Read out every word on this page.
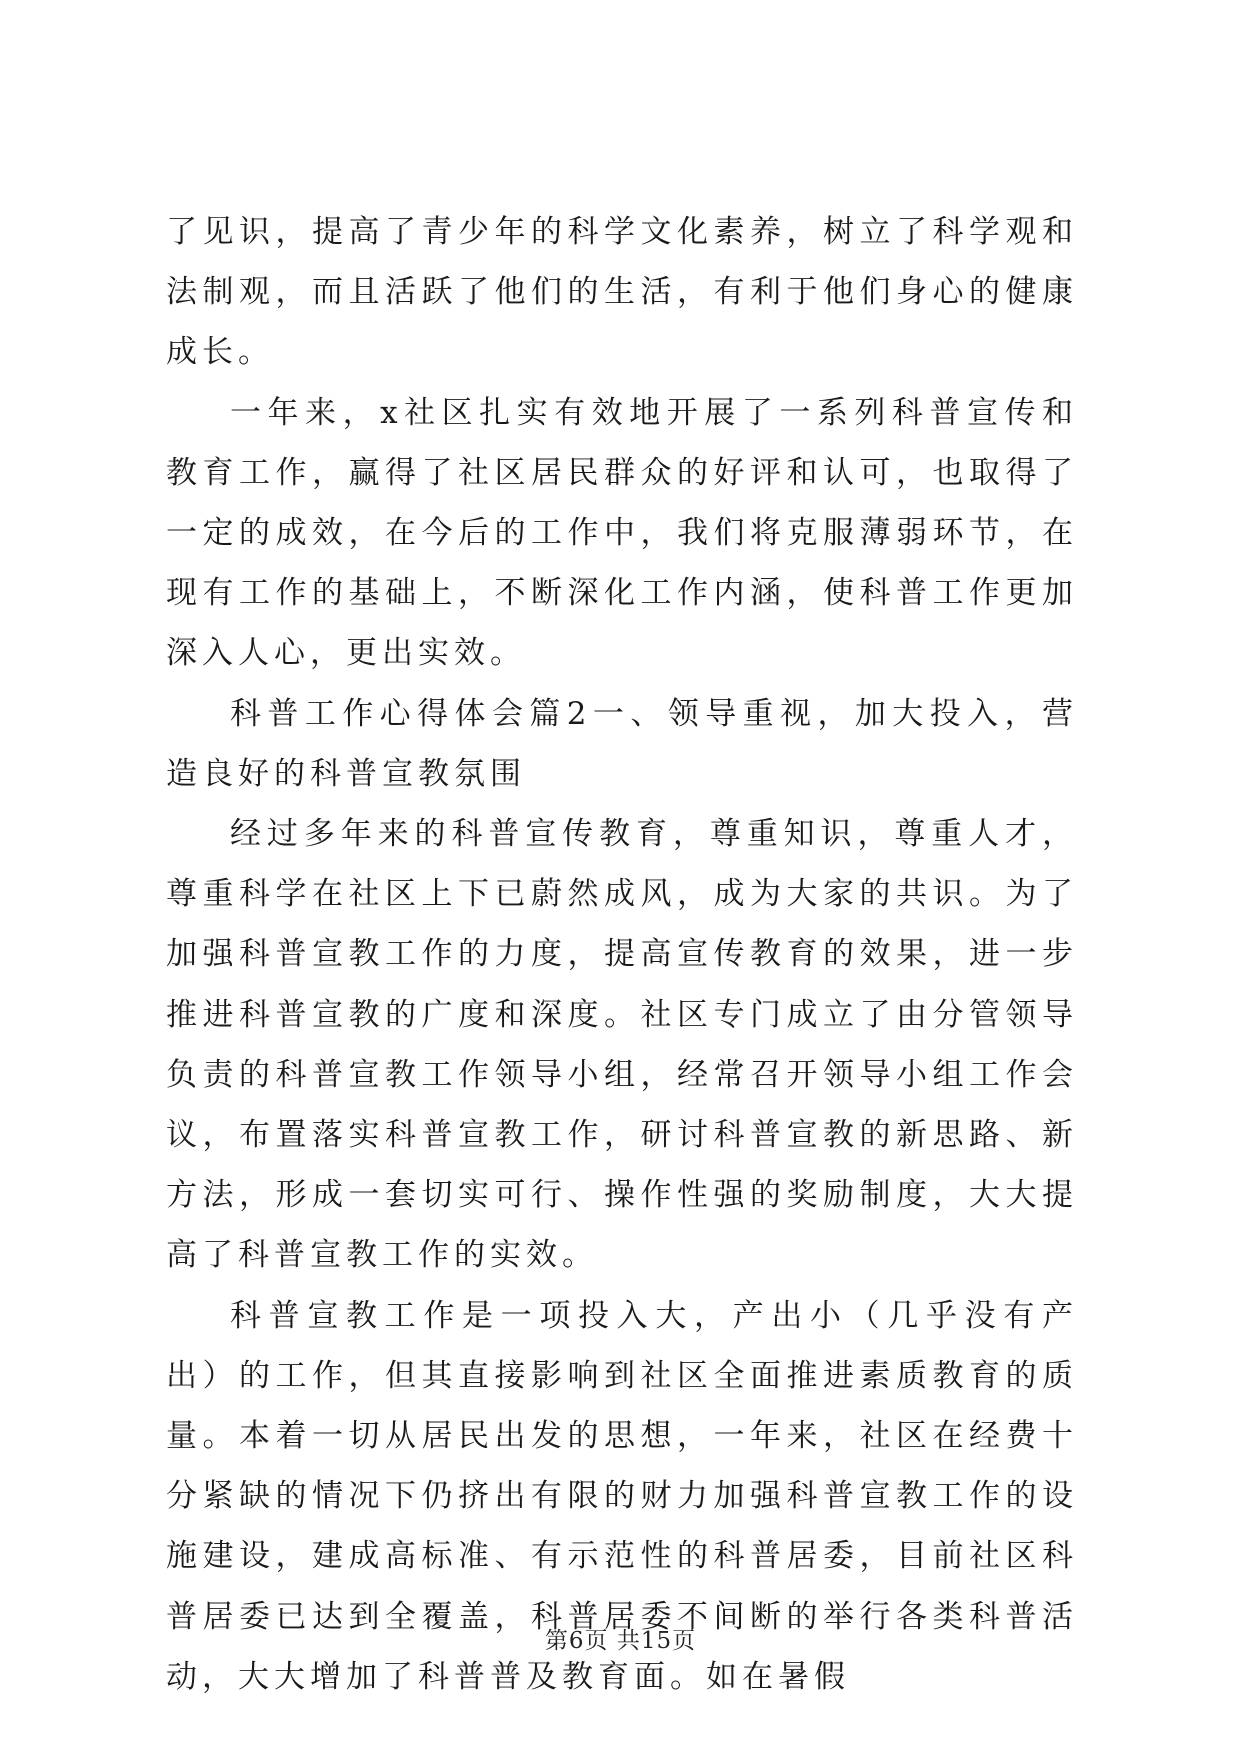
了见识，提高了青少年的科学文化素养，树立了科学观和法制观，而且活跃了他们的生活，有利于他们身心的健康成长。

一年来，x社区扎实有效地开展了一系列科普宣传和教育工作，赢得了社区居民群众的好评和认可，也取得了一定的成效，在今后的工作中，我们将克服薄弱环节，在现有工作的基础上，不断深化工作内涵，使科普工作更加深入人心，更出实效。

科普工作心得体会篇2一、领导重视，加大投入，营造良好的科普宣教氛围

经过多年来的科普宣传教育，尊重知识，尊重人才，尊重科学在社区上下已蔚然成风，成为大家的共识。为了加强科普宣教工作的力度，提高宣传教育的效果，进一步推进科普宣教的广度和深度。社区专门成立了由分管领导负责的科普宣教工作领导小组，经常召开领导小组工作会议，布置落实科普宣教工作，研讨科普宣教的新思路、新方法，形成一套切实可行、操作性强的奖励制度，大大提高了科普宣教工作的实效。

科普宣教工作是一项投入大，产出小（几乎没有产出）的工作，但其直接影响到社区全面推进素质教育的质量。本着一切从居民出发的思想，一年来，社区在经费十分紧缺的情况下仍挤出有限的财力加强科普宣教工作的设施建设，建成高标准、有示范性的科普居委，目前社区科普居委已达到全覆盖，科普居委不间断的举行各类科普活动，大大增加了科普普及教育面。如在暑假

第6页 共15页
